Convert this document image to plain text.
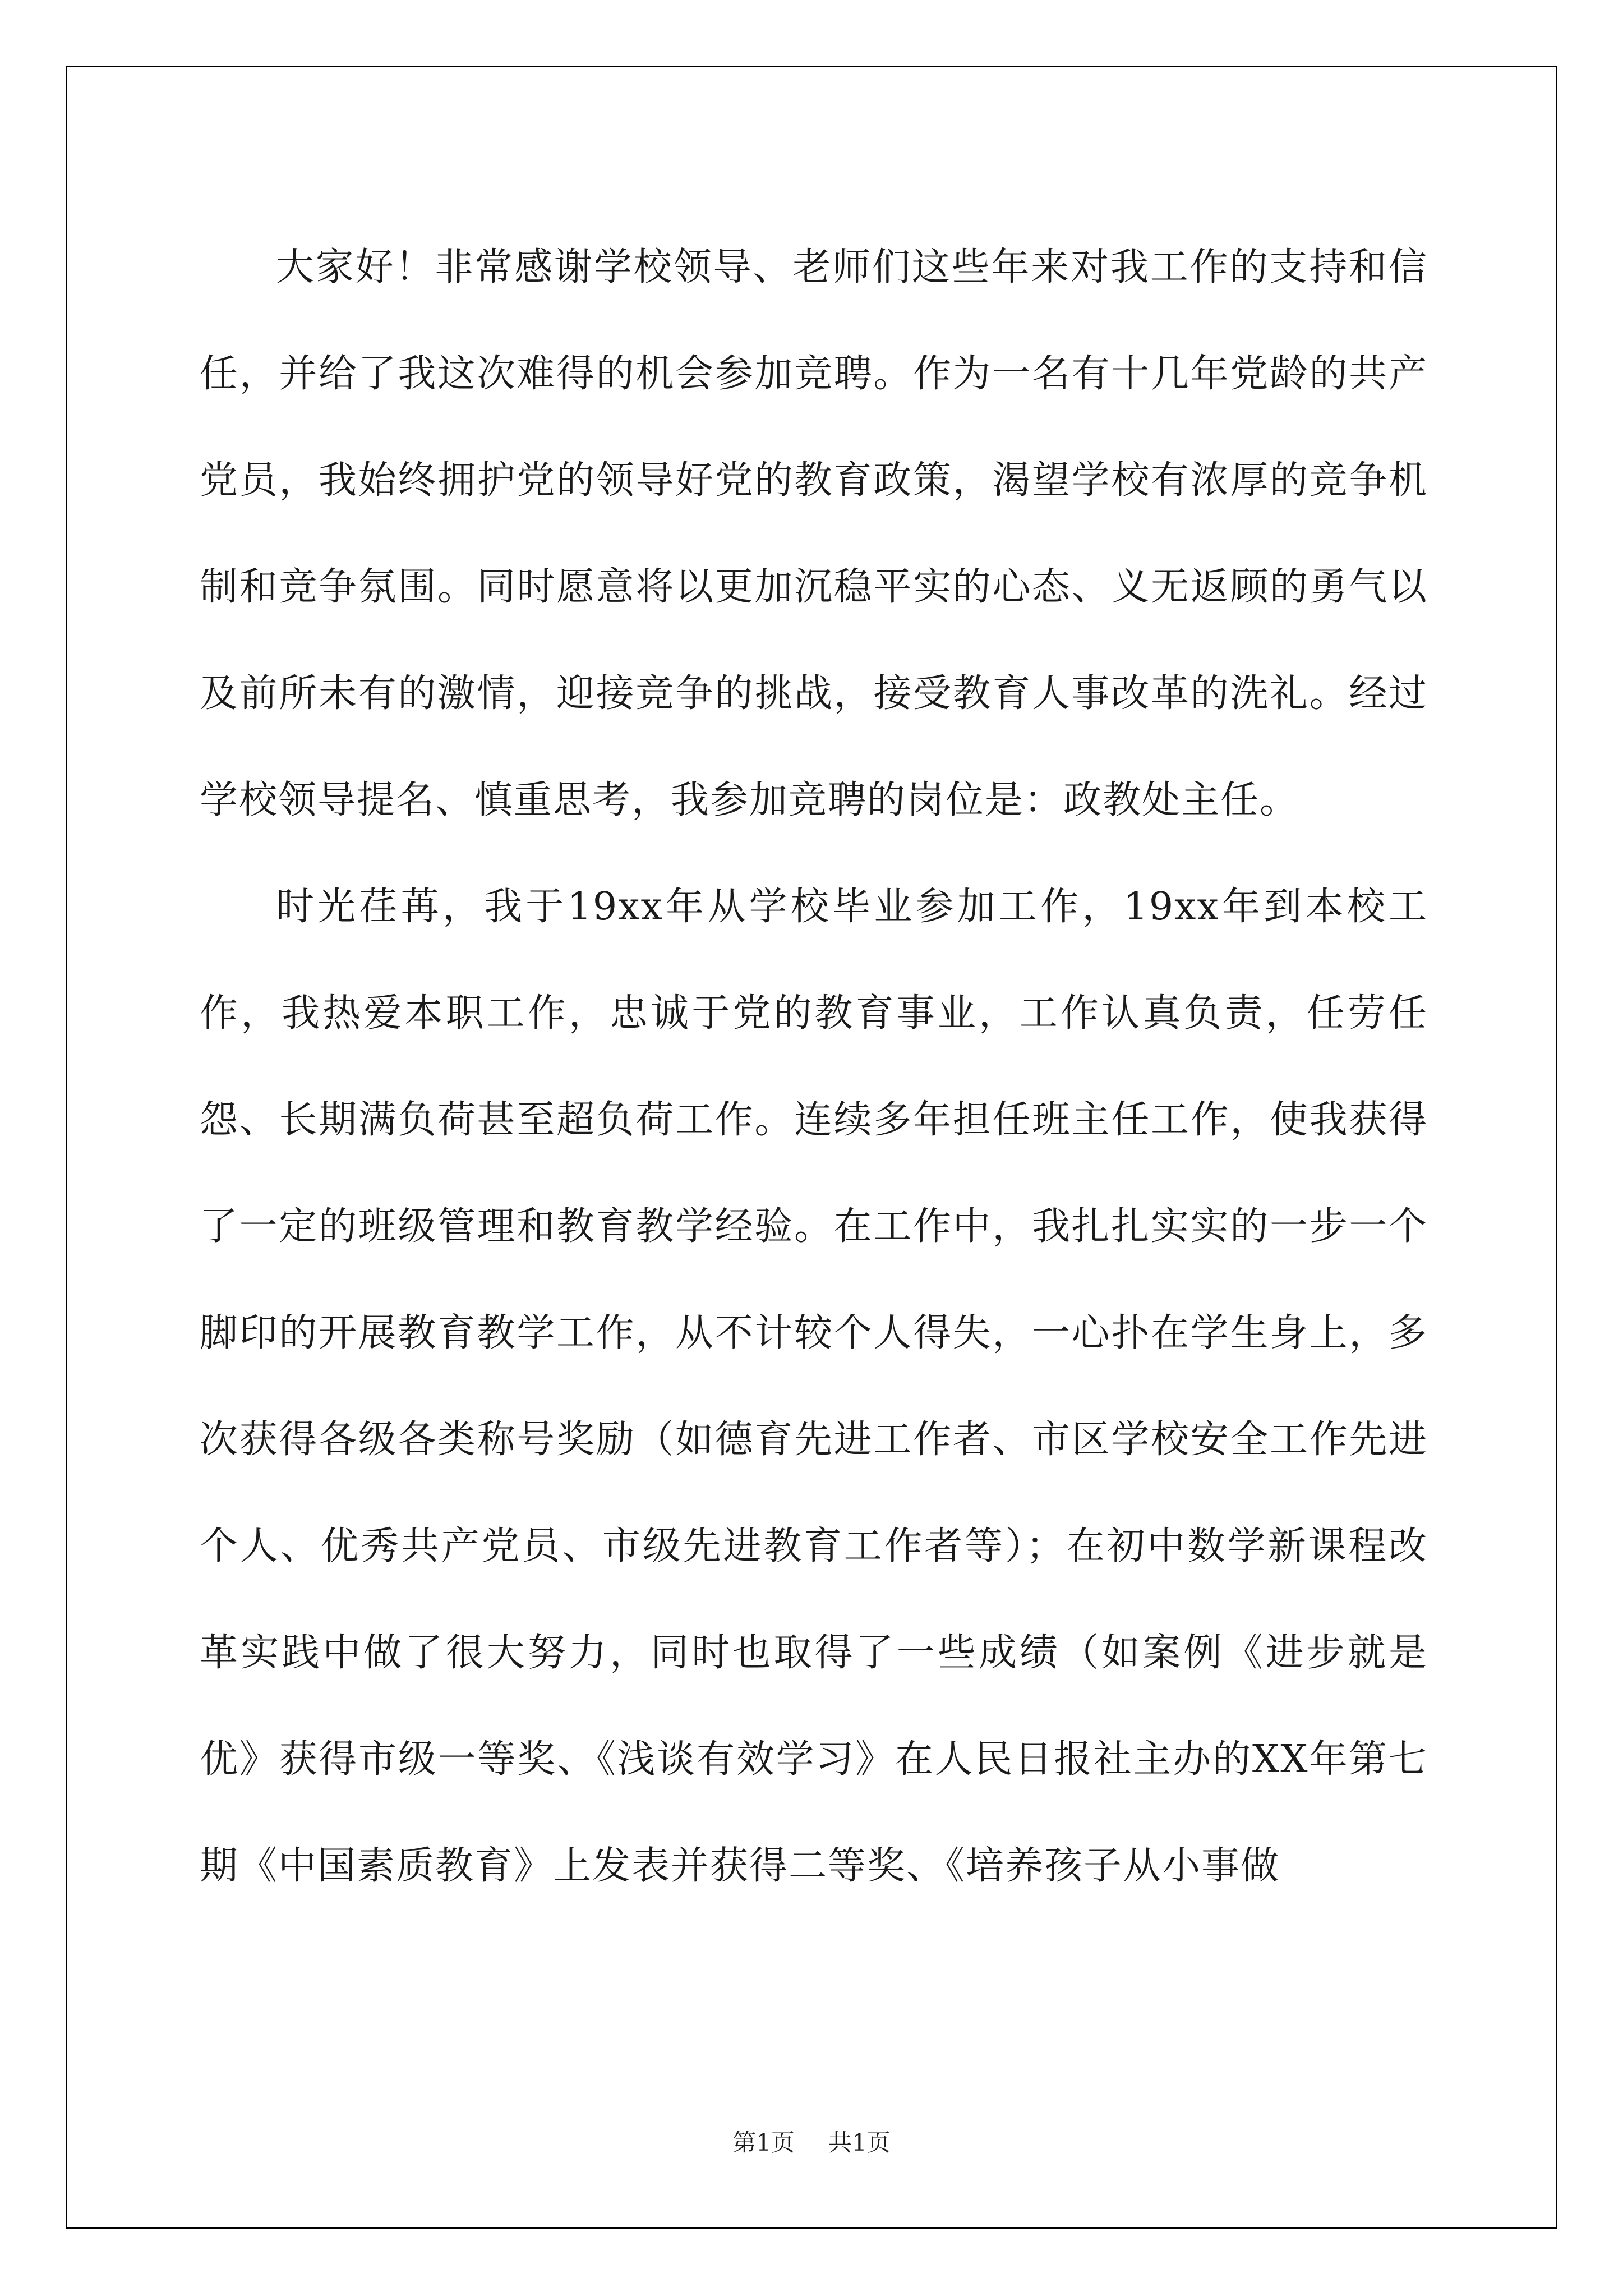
大家好！非常感谢学校领导、老师们这些年来对我工作的支持和信任，并给了我这次难得的机会参加竞聘。作为一名有十几年党龄的共产党员，我始终拥护党的领导好党的教育政策，渴望学校有浓厚的竞争机制和竞争氛围。同时愿意将以更加沉稳平实的心态、义无返顾的勇气以及前所未有的激情，迎接竞争的挑战，接受教育人事改革的洗礼。经过学校领导提名、慎重思考，我参加竞聘的岗位是：政教处主任。

时光荏苒，我于19xx年从学校毕业参加工作，19xx年到本校工作，我热爱本职工作，忠诚于党的教育事业，工作认真负责，任劳任怨、长期满负荷甚至超负荷工作。连续多年担任班主任工作，使我获得了一定的班级管理和教育教学经验。在工作中，我扎扎实实的一步一个脚印的开展教育教学工作，从不计较个人得失，一心扑在学生身上，多次获得各级各类称号奖励（如德育先进工作者、市区学校安全工作先进个人、优秀共产党员、市级先进教育工作者等）；在初中数学新课程改革实践中做了很大努力，同时也取得了一些成绩（如案例《进步就是优》获得市级一等奖、《浅谈有效学习》在人民日报社主办的XX年第七期《中国素质教育》上发表并获得二等奖、《培养孩子从小事做

第1页 共1页
